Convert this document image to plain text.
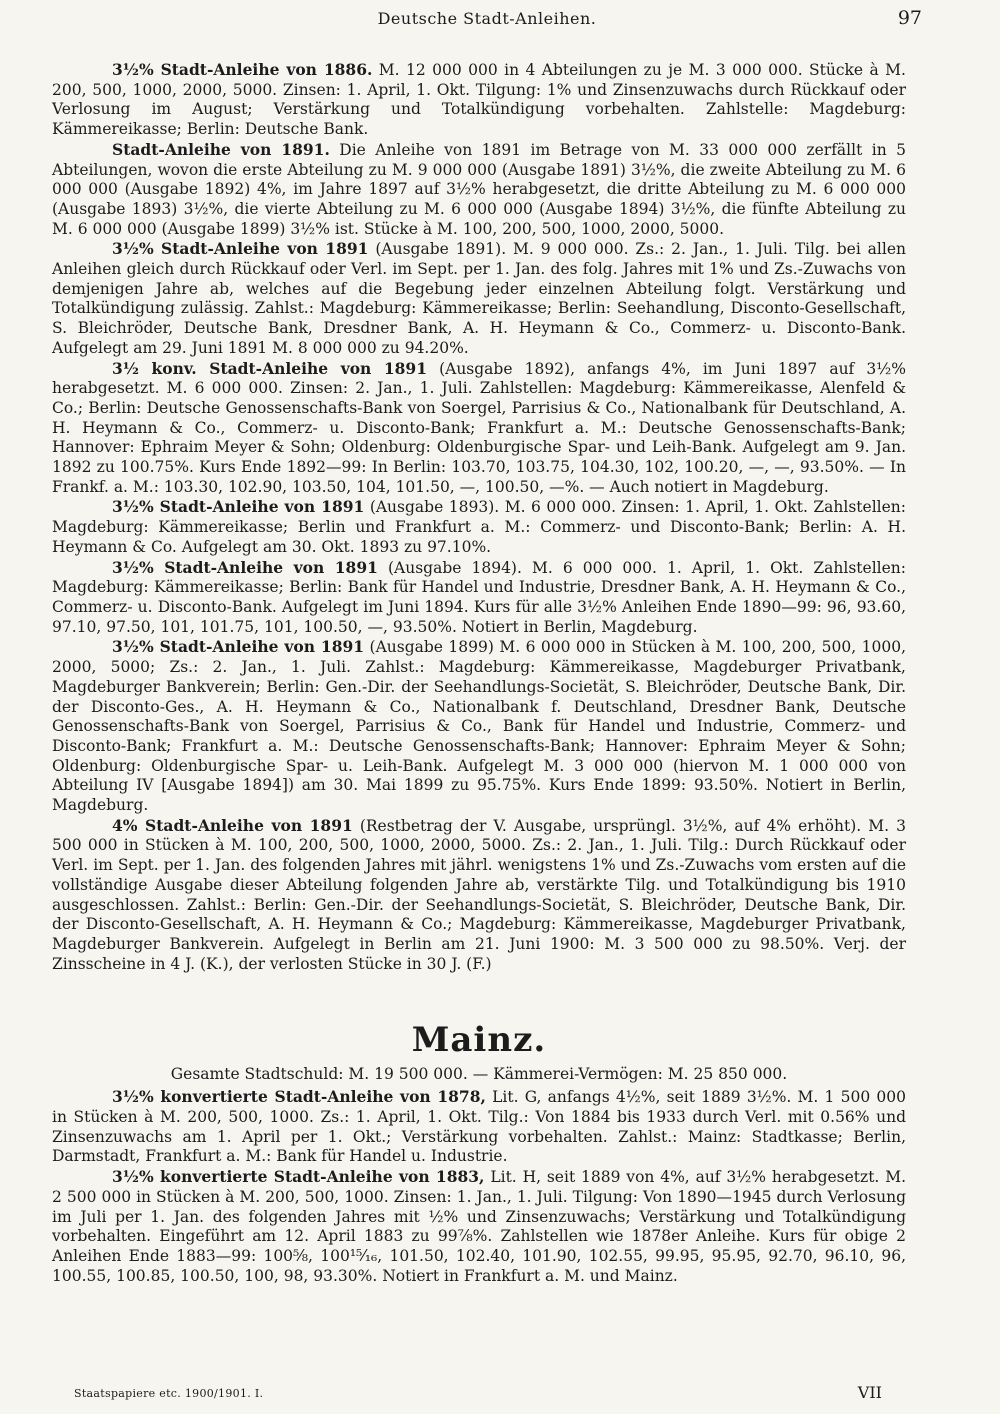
Deutsche Stadt-Anleihen.	97

3½% Stadt-Anleihe von 1886. M. 12 000 000 in 4 Abteilungen zu je M. 3 000 000. Stücke à M. 200, 500, 1000, 2000, 5000. Zinsen: 1. April, 1. Okt. Tilgung: 1% und Zinsenzuwachs durch Rückkauf oder Verlosung im August; Verstärkung und Totalkündigung vorbehalten. Zahlstelle: Magdeburg: Kämmereikasse; Berlin: Deutsche Bank.

Stadt-Anleihe von 1891. Die Anleihe von 1891 im Betrage von M. 33 000 000 zerfällt in 5 Abteilungen, wovon die erste Abteilung zu M. 9 000 000 (Ausgabe 1891) 3½%, die zweite Abteilung zu M. 6 000 000 (Ausgabe 1892) 4%, im Jahre 1897 auf 3½% herabgesetzt, die dritte Abteilung zu M. 6 000 000 (Ausgabe 1893) 3½%, die vierte Abteilung zu M. 6 000 000 (Ausgabe 1894) 3½%, die fünfte Abteilung zu M. 6 000 000 (Ausgabe 1899) 3½% ist. Stücke à M. 100, 200, 500, 1000, 2000, 5000.

3½% Stadt-Anleihe von 1891 (Ausgabe 1891). M. 9 000 000. Zs.: 2. Jan., 1. Juli. Tilg. bei allen Anleihen gleich durch Rückkauf oder Verl. im Sept. per 1. Jan. des folg. Jahres mit 1% und Zs.-Zuwachs von demjenigen Jahre ab, welches auf die Begebung jeder einzelnen Abteilung folgt. Verstärkung und Totalkündigung zulässig. Zahlst.: Magdeburg: Kämmereikasse; Berlin: Seehandlung, Disconto-Gesellschaft, S. Bleichröder, Deutsche Bank, Dresdner Bank, A. H. Heymann & Co., Commerz- u. Disconto-Bank. Aufgelegt am 29. Juni 1891 M. 8 000 000 zu 94.20%.

3½ konv. Stadt-Anleihe von 1891 (Ausgabe 1892), anfangs 4%, im Juni 1897 auf 3½% herabgesetzt. M. 6 000 000. Zinsen: 2. Jan., 1. Juli. Zahlstellen: Magdeburg: Kämmereikasse, Alenfeld & Co.; Berlin: Deutsche Genossenschafts-Bank von Soergel, Parrisius & Co., Nationalbank für Deutschland, A. H. Heymann & Co., Commerz- u. Disconto-Bank; Frankfurt a. M.: Deutsche Genossenschafts-Bank; Hannover: Ephraim Meyer & Sohn; Oldenburg: Oldenburgische Spar- und Leih-Bank. Aufgelegt am 9. Jan. 1892 zu 100.75%. Kurs Ende 1892—99: In Berlin: 103.70, 103.75, 104.30, 102, 100.20, —, —, 93.50%. — In Frankf. a. M.: 103.30, 102.90, 103.50, 104, 101.50, —, 100.50, —%. — Auch notiert in Magdeburg.

3½% Stadt-Anleihe von 1891 (Ausgabe 1893). M. 6 000 000. Zinsen: 1. April, 1. Okt. Zahlstellen: Magdeburg: Kämmereikasse; Berlin und Frankfurt a. M.: Commerz- und Disconto-Bank; Berlin: A. H. Heymann & Co. Aufgelegt am 30. Okt. 1893 zu 97.10%.

3½% Stadt-Anleihe von 1891 (Ausgabe 1894). M. 6 000 000. 1. April, 1. Okt. Zahlstellen: Magdeburg: Kämmereikasse; Berlin: Bank für Handel und Industrie, Dresdner Bank, A. H. Heymann & Co., Commerz- u. Disconto-Bank. Aufgelegt im Juni 1894. Kurs für alle 3½% Anleihen Ende 1890—99: 96, 93.60, 97.10, 97.50, 101, 101.75, 101, 100.50, —, 93.50%. Notiert in Berlin, Magdeburg.

3½% Stadt-Anleihe von 1891 (Ausgabe 1899) M. 6 000 000 in Stücken à M. 100, 200, 500, 1000, 2000, 5000; Zs.: 2. Jan., 1. Juli. Zahlst.: Magdeburg: Kämmereikasse, Magdeburger Privatbank, Magdeburger Bankverein; Berlin: Gen.-Dir. der Seehandlungs-Societät, S. Bleichröder, Deutsche Bank, Dir. der Disconto-Ges., A. H. Heymann & Co., Nationalbank f. Deutschland, Dresdner Bank, Deutsche Genossenschafts-Bank von Soergel, Parrisius & Co., Bank für Handel und Industrie, Commerz- und Disconto-Bank; Frankfurt a. M.: Deutsche Genossenschafts-Bank; Hannover: Ephraim Meyer & Sohn; Oldenburg: Oldenburgische Spar- u. Leih-Bank. Aufgelegt M. 3 000 000 (hiervon M. 1 000 000 von Abteilung IV [Ausgabe 1894]) am 30. Mai 1899 zu 95.75%. Kurs Ende 1899: 93.50%. Notiert in Berlin, Magdeburg.

4% Stadt-Anleihe von 1891 (Restbetrag der V. Ausgabe, ursprüngl. 3½%, auf 4% erhöht). M. 3 500 000 in Stücken à M. 100, 200, 500, 1000, 2000, 5000. Zs.: 2. Jan., 1. Juli. Tilg.: Durch Rückkauf oder Verl. im Sept. per 1. Jan. des folgenden Jahres mit jährl. wenigstens 1% und Zs.-Zuwachs vom ersten auf die vollständige Ausgabe dieser Abteilung folgenden Jahre ab, verstärkte Tilg. und Totalkündigung bis 1910 ausgeschlossen. Zahlst.: Berlin: Gen.-Dir. der Seehandlungs-Societät, S. Bleichröder, Deutsche Bank, Dir. der Disconto-Gesellschaft, A. H. Heymann & Co.; Magdeburg: Kämmereikasse, Magdeburger Privatbank, Magdeburger Bankverein. Aufgelegt in Berlin am 21. Juni 1900: M. 3 500 000 zu 98.50%. Verj. der Zinsscheine in 4 J. (K.), der verlosten Stücke in 30 J. (F.)

Mainz.
Gesamte Stadtschuld: M. 19 500 000. — Kämmerei-Vermögen: M. 25 850 000.

3½% konvertierte Stadt-Anleihe von 1878, Lit. G, anfangs 4½%, seit 1889 3½%. M. 1 500 000 in Stücken à M. 200, 500, 1000. Zs.: 1. April, 1. Okt. Tilg.: Von 1884 bis 1933 durch Verl. mit 0.56% und Zinsenzuwachs am 1. April per 1. Okt.; Verstärkung vorbehalten. Zahlst.: Mainz: Stadtkasse; Berlin, Darmstadt, Frankfurt a. M.: Bank für Handel u. Industrie.

3½% konvertierte Stadt-Anleihe von 1883, Lit. H, seit 1889 von 4%, auf 3½% herabgesetzt. M. 2 500 000 in Stücken à M. 200, 500, 1000. Zinsen: 1. Jan., 1. Juli. Tilgung: Von 1890—1945 durch Verlosung im Juli per 1. Jan. des folgenden Jahres mit ½% und Zinsenzuwachs; Verstärkung und Totalkündigung vorbehalten. Eingeführt am 12. April 1883 zu 99⅞%. Zahlstellen wie 1878er Anleihe. Kurs für obige 2 Anleihen Ende 1883—99: 100⅝, 100¹⁵⁄₁₆, 101.50, 102.40, 101.90, 102.55, 99.95, 95.95, 92.70, 96.10, 96, 100.55, 100.85, 100.50, 100, 98, 93.30%. Notiert in Frankfurt a. M. und Mainz.

Staatspapiere etc. 1900/1901. I.	VII
